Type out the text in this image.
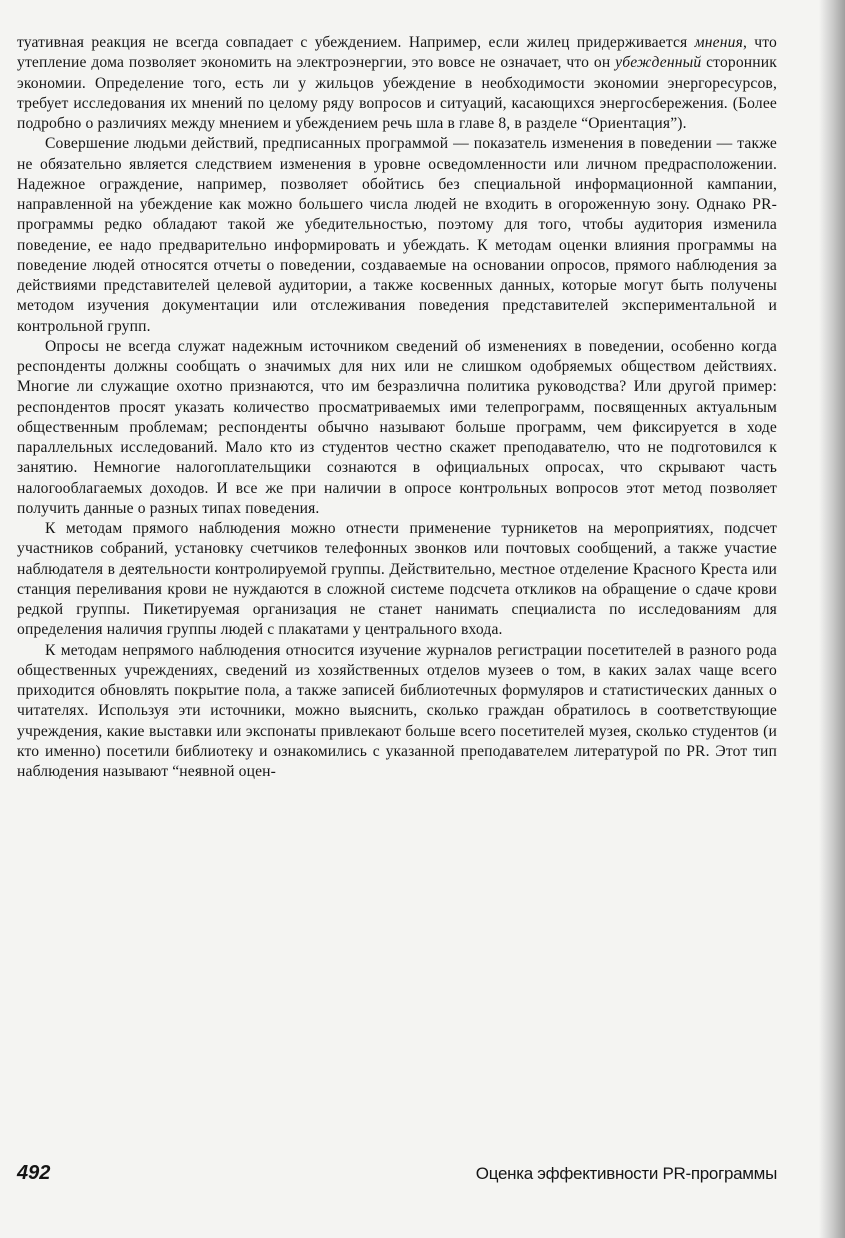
туативная реакция не всегда совпадает с убеждением. Например, если жилец придерживается мнения, что утепление дома позволяет экономить на электроэнергии, это вовсе не означает, что он убежденный сторонник экономии. Определение того, есть ли у жильцов убеждение в необходимости экономии энергоресурсов, требует исследования их мнений по целому ряду вопросов и ситуаций, касающихся энергосбережения. (Более подробно о различиях между мнением и убеждением речь шла в главе 8, в разделе “Ориентация”).

Совершение людьми действий, предписанных программой — показатель изменения в поведении — также не обязательно является следствием изменения в уровне осведомленности или личном предрасположении. Надежное ограждение, например, позволяет обойтись без специальной информационной кампании, направленной на убеждение как можно большего числа людей не входить в огороженную зону. Однако PR-программы редко обладают такой же убедительностью, поэтому для того, чтобы аудитория изменила поведение, ее надо предварительно информировать и убеждать. К методам оценки влияния программы на поведение людей относятся отчеты о поведении, создаваемые на основании опросов, прямого наблюдения за действиями представителей целевой аудитории, а также косвенных данных, которые могут быть получены методом изучения документации или отслеживания поведения представителей экспериментальной и контрольной групп.

Опросы не всегда служат надежным источником сведений об изменениях в поведении, особенно когда респонденты должны сообщать о значимых для них или не слишком одобряемых обществом действиях. Многие ли служащие охотно признаются, что им безразлична политика руководства? Или другой пример: респондентов просят указать количество просматриваемых ими телепрограмм, посвященных актуальным общественным проблемам; респонденты обычно называют больше программ, чем фиксируется в ходе параллельных исследований. Мало кто из студентов честно скажет преподавателю, что не подготовился к занятию. Немногие налогоплательщики сознаются в официальных опросах, что скрывают часть налогооблагаемых доходов. И все же при наличии в опросе контрольных вопросов этот метод позволяет получить данные о разных типах поведения.

К методам прямого наблюдения можно отнести применение турникетов на мероприятиях, подсчет участников собраний, установку счетчиков телефонных звонков или почтовых сообщений, а также участие наблюдателя в деятельности контролируемой группы. Действительно, местное отделение Красного Креста или станция переливания крови не нуждаются в сложной системе подсчета откликов на обращение о сдаче крови редкой группы. Пикетируемая организация не станет нанимать специалиста по исследованиям для определения наличия группы людей с плакатами у центрального входа.

К методам непрямого наблюдения относится изучение журналов регистрации посетителей в разного рода общественных учреждениях, сведений из хозяйственных отделов музеев о том, в каких залах чаще всего приходится обновлять покрытие пола, а также записей библиотечных формуляров и статистических данных о читателях. Используя эти источники, можно выяснить, сколько граждан обратилось в соответствующие учреждения, какие выставки или экспонаты привлекают больше всего посетителей музея, сколько студентов (и кто именно) посетили библиотеку и ознакомились с указанной преподавателем литературой по PR. Этот тип наблюдения называют “неявной оцен-

492	Оценка эффективности PR-программы
